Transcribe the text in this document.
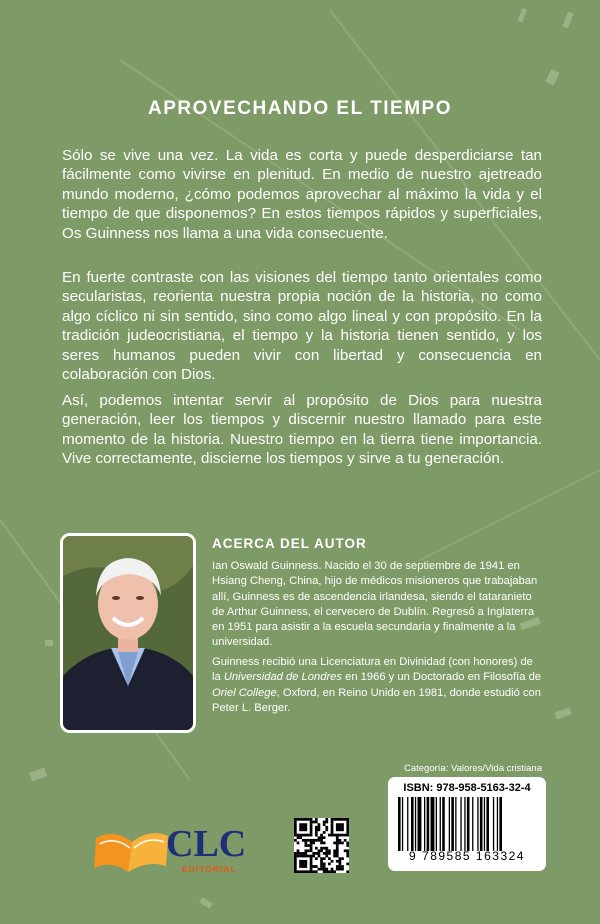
APROVECHANDO EL TIEMPO
Sólo se vive una vez. La vida es corta y puede desperdiciarse tan fácilmente como vivirse en plenitud. En medio de nuestro ajetreado mundo moderno, ¿cómo podemos aprovechar al máximo la vida y el tiempo de que disponemos? En estos tiempos rápidos y superficiales, Os Guinness nos llama a una vida consecuente.
En fuerte contraste con las visiones del tiempo tanto orientales como secularistas, reorienta nuestra propia noción de la historia, no como algo cíclico ni sin sentido, sino como algo lineal y con propósito. En la tradición judeocristiana, el tiempo y la historia tienen sentido, y los seres humanos pueden vivir con libertad y consecuencia en colaboración con Dios.
Así, podemos intentar servir al propósito de Dios para nuestra generación, leer los tiempos y discernir nuestro llamado para este momento de la historia. Nuestro tiempo en la tierra tiene importancia. Vive correctamente, discierne los tiempos y sirve a tu generación.
ACERCA DEL AUTOR
Ian Oswald Guinness. Nacido el 30 de septiembre de 1941 en Hsiang Cheng, China, hijo de médicos misioneros que trabajaban allí, Guinness es de ascendencia irlandesa, siendo el tataranieto de Arthur Guinness, el cervecero de Dublín. Regresó a Inglaterra en 1951 para asistir a la escuela secundaria y finalmente a la universidad.
Guinness recibió una Licenciatura en Divinidad (con honores) de la Universidad de Londres en 1966 y un Doctorado en Filosofía de Oriel College, Oxford, en Reino Unido en 1981, donde estudió con Peter L. Berger.
Categoría: Valores/Vida cristiana
ISBN: 978-958-5163-32-4
9 789585 163324
CLC
EDITORIAL
